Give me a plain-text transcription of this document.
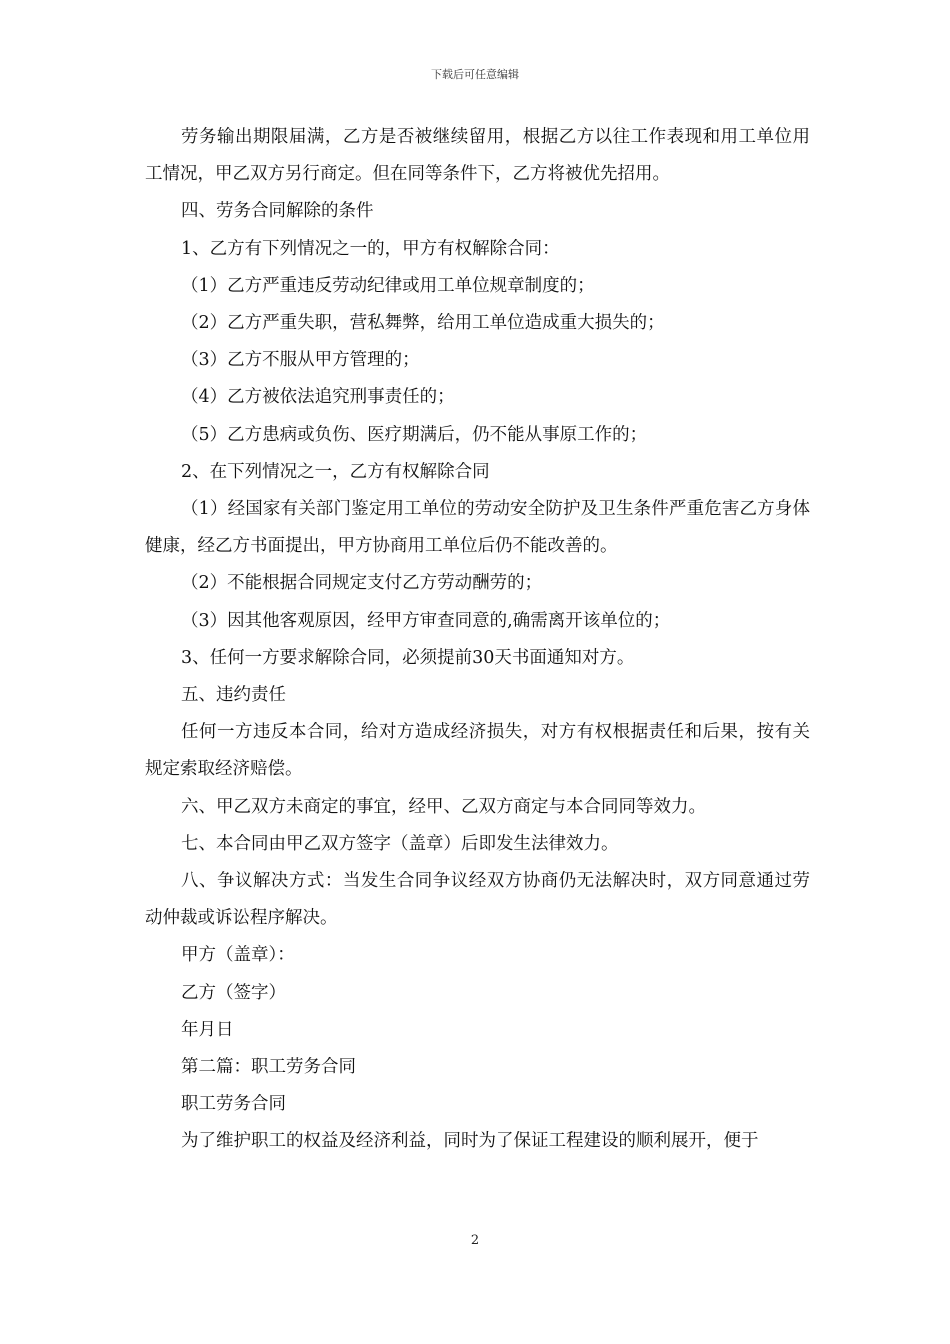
下载后可任意编辑

劳务输出期限届满，乙方是否被继续留用，根据乙方以往工作表现和用工单位用工情况，甲乙双方另行商定。但在同等条件下，乙方将被优先招用。

四、劳务合同解除的条件

1、乙方有下列情况之一的，甲方有权解除合同：

（1）乙方严重违反劳动纪律或用工单位规章制度的；

（2）乙方严重失职，营私舞弊，给用工单位造成重大损失的；

（3）乙方不服从甲方管理的；

（4）乙方被依法追究刑事责任的；

（5）乙方患病或负伤、医疗期满后，仍不能从事原工作的；

2、在下列情况之一，乙方有权解除合同

（1）经国家有关部门鉴定用工单位的劳动安全防护及卫生条件严重危害乙方身体健康，经乙方书面提出，甲方协商用工单位后仍不能改善的。

（2）不能根据合同规定支付乙方劳动酬劳的；

（3）因其他客观原因，经甲方审查同意的,确需离开该单位的；

3、任何一方要求解除合同，必须提前30天书面通知对方。

五、违约责任

任何一方违反本合同，给对方造成经济损失，对方有权根据责任和后果，按有关规定索取经济赔偿。

六、甲乙双方未商定的事宜，经甲、乙双方商定与本合同同等效力。

七、本合同由甲乙双方签字（盖章）后即发生法律效力。

八、争议解决方式：当发生合同争议经双方协商仍无法解决时，双方同意通过劳动仲裁或诉讼程序解决。

甲方（盖章）：

乙方（签字）

年月日

第二篇：职工劳务合同

职工劳务合同

为了维护职工的权益及经济利益，同时为了保证工程建设的顺利展开，便于

2
